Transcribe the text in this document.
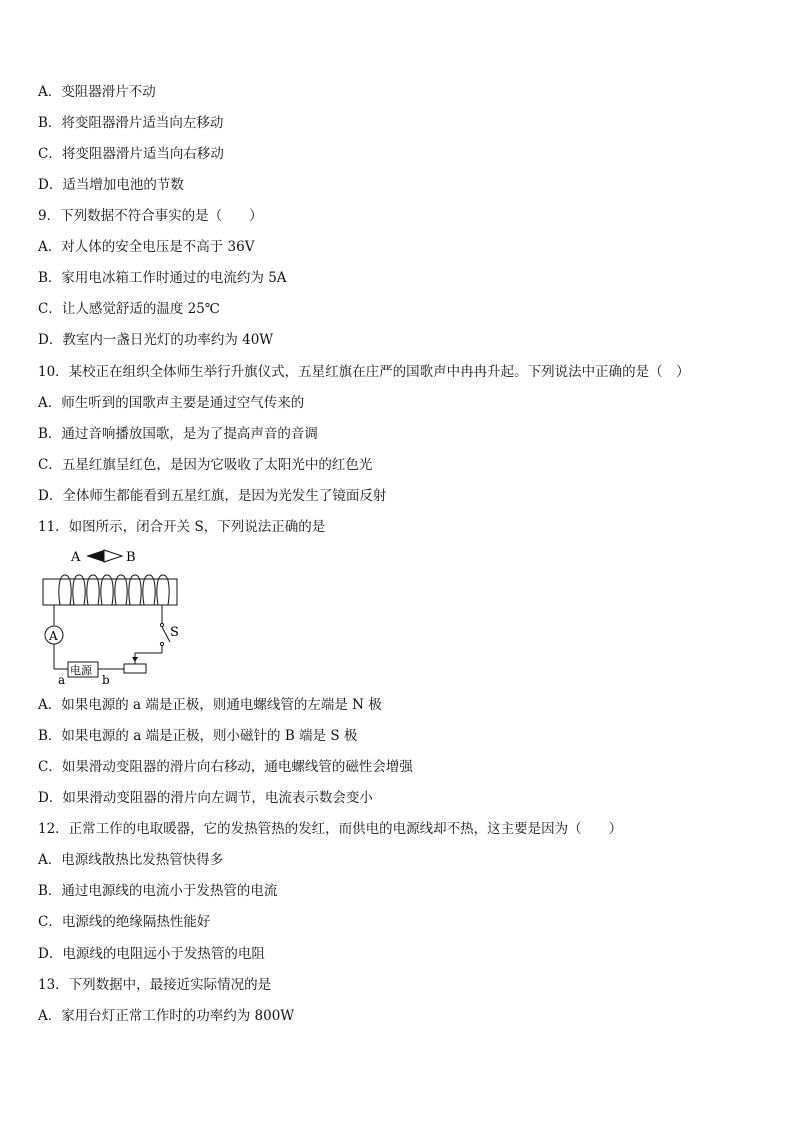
A．变阻器滑片不动
B．将变阻器滑片适当向左移动
C．将变阻器滑片适当向右移动
D．适当增加电池的节数
9．下列数据不符合事实的是（　　）
A．对人体的安全电压是不高于 36V
B．家用电冰箱工作时通过的电流约为 5A
C．让人感觉舒适的温度 25℃
D．教室内一盏日光灯的功率约为 40W
10．某校正在组织全体师生举行升旗仪式，五星红旗在庄严的国歌声中冉冉升起。下列说法中正确的是（　）
A．师生听到的国歌声主要是通过空气传来的
B．通过音响播放国歌，是为了提高声音的音调
C．五星红旗呈红色，是因为它吸收了太阳光中的红色光
D．全体师生都能看到五星红旗，是因为光发生了镜面反射
11．如图所示，闭合开关 S，下列说法正确的是
A	B
A
电源
a	b
S
A．如果电源的 a 端是正极，则通电螺线管的左端是 N 极
B．如果电源的 a 端是正极，则小磁针的 B 端是 S 极
C．如果滑动变阻器的滑片向右移动，通电螺线管的磁性会增强
D．如果滑动变阻器的滑片向左调节，电流表示数会变小
12．正常工作的电取暖器，它的发热管热的发红，而供电的电源线却不热，这主要是因为（　　）
A．电源线散热比发热管快得多
B．通过电源线的电流小于发热管的电流
C．电源线的绝缘隔热性能好
D．电源线的电阻远小于发热管的电阻
13．下列数据中，最接近实际情况的是
A．家用台灯正常工作时的功率约为 800W
